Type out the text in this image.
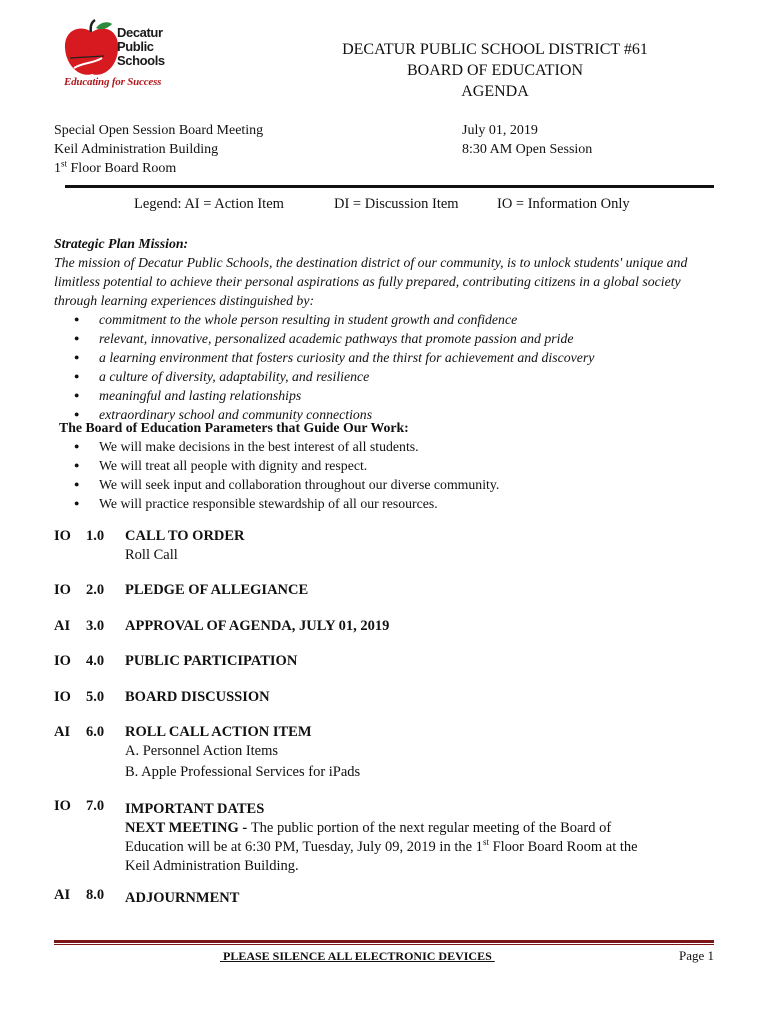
Decatur
Public
Schools
Educating for Success
DECATUR PUBLIC SCHOOL DISTRICT #61
BOARD OF EDUCATION
AGENDA
Special Open Session Board Meeting
Keil Administration Building
1st Floor Board Room
July 01, 2019
8:30 AM Open Session
Legend: AI = Action Item	DI = Discussion Item	IO = Information Only
Strategic Plan Mission:
The mission of Decatur Public Schools, the destination district of our community, is to unlock students' unique and limitless potential to achieve their personal aspirations as fully prepared, contributing citizens in a global society through learning experiences distinguished by:
● commitment to the whole person resulting in student growth and confidence
● relevant, innovative, personalized academic pathways that promote passion and pride
● a learning environment that fosters curiosity and the thirst for achievement and discovery
● a culture of diversity, adaptability, and resilience
● meaningful and lasting relationships
● extraordinary school and community connections
The Board of Education Parameters that Guide Our Work:
● We will make decisions in the best interest of all students.
● We will treat all people with dignity and respect.
● We will seek input and collaboration throughout our diverse community.
● We will practice responsible stewardship of all our resources.
IO 1.0 CALL TO ORDER
Roll Call
IO 2.0 PLEDGE OF ALLEGIANCE
AI 3.0 APPROVAL OF AGENDA, JULY 01, 2019
IO 4.0 PUBLIC PARTICIPATION
IO 5.0 BOARD DISCUSSION
AI 6.0 ROLL CALL ACTION ITEM
A. Personnel Action Items
B. Apple Professional Services for iPads
IO 7.0 IMPORTANT DATES
NEXT MEETING - The public portion of the next regular meeting of the Board of Education will be at 6:30 PM, Tuesday, July 09, 2019 in the 1st Floor Board Room at the Keil Administration Building.
AI 8.0 ADJOURNMENT
PLEASE SILENCE ALL ELECTRONIC DEVICES	Page 1
